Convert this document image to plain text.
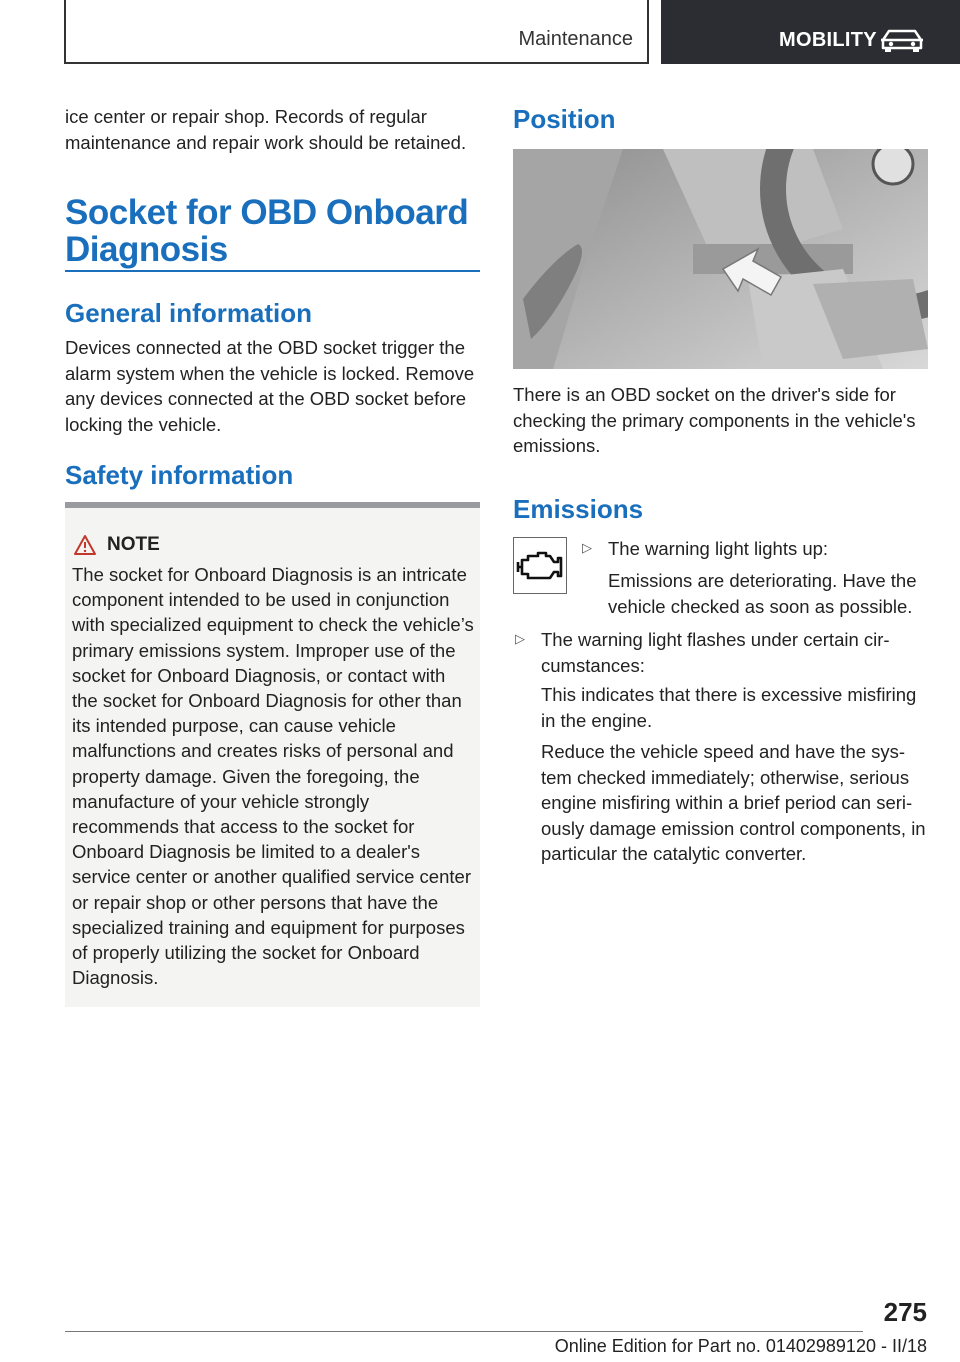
Maintenance	MOBILITY

ice center or repair shop. Records of regular maintenance and repair work should be retained.

Socket for OBD Onboard
Diagnosis
General information

Devices connected at the OBD socket trigger the alarm system when the vehicle is locked. Remove any devices connected at the OBD socket before locking the vehicle.

Safety information
NOTE
The socket for Onboard Diagnosis is an intricate component intended to be used in conjunction with specialized equipment to check the vehicle’s primary emissions system. Improper use of the socket for Onboard Diagnosis, or contact with the socket for Onboard Diagnosis for other than its intended purpose, can cause vehicle malfunctions and creates risks of personal and property damage. Given the foregoing, the manufacture of your vehicle strongly recommends that access to the socket for Onboard Diagnosis be limited to a dealer's service center or another qualified service center or repair shop or other persons that have the specialized training and equipment for purposes of properly utilizing the socket for Onboard Diagnosis.
Position

There is an OBD socket on the driver's side for checking the primary components in the vehicle's emissions.

Emissions
▷ The warning light lights up:
Emissions are deteriorating. Have the vehicle checked as soon as possible.
▷ The warning light flashes under certain circumstances:
This indicates that there is excessive misfiring in the engine.
Reduce the vehicle speed and have the system checked immediately; otherwise, serious engine misfiring within a brief period can seriously damage emission control components, in particular the catalytic converter.
275
Online Edition for Part no. 01402989120 - II/18
